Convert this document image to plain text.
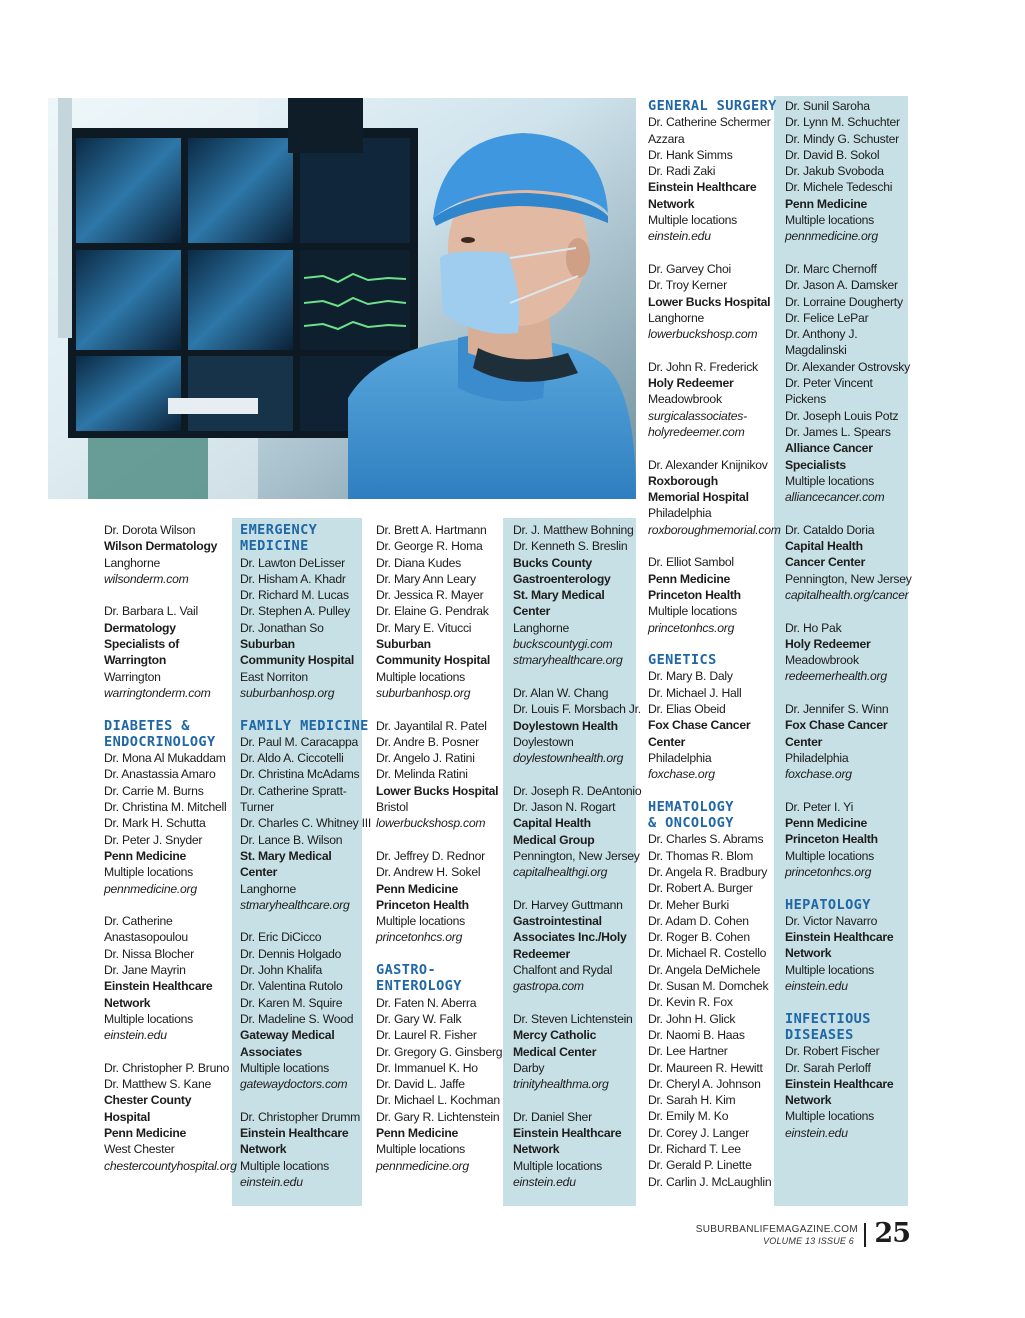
Dr. Dorota Wilson
Wilson Dermatology
Langhorne
wilsonderm.com
Dr. Barbara L. Vail
Dermatology
Specialists of
Warrington
Warrington
warringtonderm.com
DIABETES &
ENDOCRINOLOGY
Dr. Mona Al Mukaddam
Dr. Anastassia Amaro
Dr. Carrie M. Burns
Dr. Christina M. Mitchell
Dr. Mark H. Schutta
Dr. Peter J. Snyder
Penn Medicine
Multiple locations
pennmedicine.org
Dr. Catherine
Anastasopoulou
Dr. Nissa Blocher
Dr. Jane Mayrin
Einstein Healthcare
Network
Multiple locations
einstein.edu
Dr. Christopher P. Bruno
Dr. Matthew S. Kane
Chester County
Hospital
Penn Medicine
West Chester
chestercountyhospital.org
EMERGENCY
MEDICINE
Dr. Lawton DeLisser
Dr. Hisham A. Khadr
Dr. Richard M. Lucas
Dr. Stephen A. Pulley
Dr. Jonathan So
Suburban
Community Hospital
East Norriton
suburbanhosp.org
FAMILY MEDICINE
Dr. Paul M. Caracappa
Dr. Aldo A. Ciccotelli
Dr. Christina McAdams
Dr. Catherine Spratt-
Turner
Dr. Charles C. Whitney III
Dr. Lance B. Wilson
St. Mary Medical
Center
Langhorne
stmaryhealthcare.org
Dr. Eric DiCicco
Dr. Dennis Holgado
Dr. John Khalifa
Dr. Valentina Rutolo
Dr. Karen M. Squire
Dr. Madeline S. Wood
Gateway Medical
Associates
Multiple locations
gatewaydoctors.com
Dr. Christopher Drumm
Einstein Healthcare
Network
Multiple locations
einstein.edu
Dr. Brett A. Hartmann
Dr. George R. Homa
Dr. Diana Kudes
Dr. Mary Ann Leary
Dr. Jessica R. Mayer
Dr. Elaine G. Pendrak
Dr. Mary E. Vitucci
Suburban
Community Hospital
Multiple locations
suburbanhosp.org
Dr. Jayantilal R. Patel
Dr. Andre B. Posner
Dr. Angelo J. Ratini
Dr. Melinda Ratini
Lower Bucks Hospital
Bristol
lowerbuckshosp.com
Dr. Jeffrey D. Rednor
Dr. Andrew H. Sokel
Penn Medicine
Princeton Health
Multiple locations
princetonhcs.org
GASTRO-
ENTEROLOGY
Dr. Faten N. Aberra
Dr. Gary W. Falk
Dr. Laurel R. Fisher
Dr. Gregory G. Ginsberg
Dr. Immanuel K. Ho
Dr. David L. Jaffe
Dr. Michael L. Kochman
Dr. Gary R. Lichtenstein
Penn Medicine
Multiple locations
pennmedicine.org
Dr. J. Matthew Bohning
Dr. Kenneth S. Breslin
Bucks County
Gastroenterology
St. Mary Medical
Center
Langhorne
buckscountygi.com
stmaryhealthcare.org
Dr. Alan W. Chang
Dr. Louis F. Morsbach Jr.
Doylestown Health
Doylestown
doylestownhealth.org
Dr. Joseph R. DeAntonio
Dr. Jason N. Rogart
Capital Health
Medical Group
Pennington, New Jersey
capitalhealthgi.org
Dr. Harvey Guttmann
Gastrointestinal
Associates Inc./Holy
Redeemer
Chalfont and Rydal
gastropa.com
Dr. Steven Lichtenstein
Mercy Catholic
Medical Center
Darby
trinityhealthma.org
Dr. Daniel Sher
Einstein Healthcare
Network
Multiple locations
einstein.edu
GENERAL SURGERY
Dr. Catherine Schermer
Azzara
Dr. Hank Simms
Dr. Radi Zaki
Einstein Healthcare
Network
Multiple locations
einstein.edu
Dr. Garvey Choi
Dr. Troy Kerner
Lower Bucks Hospital
Langhorne
lowerbuckshosp.com
Dr. John R. Frederick
Holy Redeemer
Meadowbrook
surgicalassociates-
holyredeemer.com
Dr. Alexander Knijnikov
Roxborough
Memorial Hospital
Philadelphia
roxboroughmemorial.com
Dr. Elliot Sambol
Penn Medicine
Princeton Health
Multiple locations
princetonhcs.org
GENETICS
Dr. Mary B. Daly
Dr. Michael J. Hall
Dr. Elias Obeid
Fox Chase Cancer
Center
Philadelphia
foxchase.org
HEMATOLOGY
& ONCOLOGY
Dr. Charles S. Abrams
Dr. Thomas R. Blom
Dr. Angela R. Bradbury
Dr. Robert A. Burger
Dr. Meher Burki
Dr. Adam D. Cohen
Dr. Roger B. Cohen
Dr. Michael R. Costello
Dr. Angela DeMichele
Dr. Susan M. Domchek
Dr. Kevin R. Fox
Dr. John H. Glick
Dr. Naomi B. Haas
Dr. Lee Hartner
Dr. Maureen R. Hewitt
Dr. Cheryl A. Johnson
Dr. Sarah H. Kim
Dr. Emily M. Ko
Dr. Corey J. Langer
Dr. Richard T. Lee
Dr. Gerald P. Linette
Dr. Carlin J. McLaughlin
Dr. Sunil Saroha
Dr. Lynn M. Schuchter
Dr. Mindy G. Schuster
Dr. David B. Sokol
Dr. Jakub Svoboda
Dr. Michele Tedeschi
Penn Medicine
Multiple locations
pennmedicine.org
Dr. Marc Chernoff
Dr. Jason A. Damsker
Dr. Lorraine Dougherty
Dr. Felice LePar
Dr. Anthony J.
Magdalinski
Dr. Alexander Ostrovsky
Dr. Peter Vincent
Pickens
Dr. Joseph Louis Potz
Dr. James L. Spears
Alliance Cancer
Specialists
Multiple locations
alliancecancer.com
Dr. Cataldo Doria
Capital Health
Cancer Center
Pennington, New Jersey
capitalhealth.org/cancer
Dr. Ho Pak
Holy Redeemer
Meadowbrook
redeemerhealth.org
Dr. Jennifer S. Winn
Fox Chase Cancer
Center
Philadelphia
foxchase.org
Dr. Peter I. Yi
Penn Medicine
Princeton Health
Multiple locations
princetonhcs.org
HEPATOLOGY
Dr. Victor Navarro
Einstein Healthcare
Network
Multiple locations
einstein.edu
INFECTIOUS
DISEASES
Dr. Robert Fischer
Dr. Sarah Perloff
Einstein Healthcare
Network
Multiple locations
einstein.edu
SUBURBANLIFEMAGAZINE.COM
VOLUME 13 ISSUE 6 25
